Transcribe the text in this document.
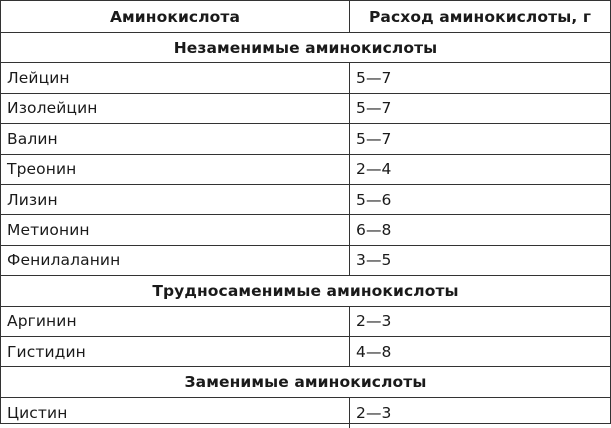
Аминокислота	Расход аминокислоты, г
Незаменимые аминокислоты
Лейцин	5—7
Изолейцин	5—7
Валин	5—7
Треонин	2—4
Лизин	5—6
Метионин	6—8
Фенилаланин	3—5
Трудносаменимые аминокислоты
Аргинин	2—3
Гистидин	4—8
Заменимые аминокислоты
Цистин	2—3
